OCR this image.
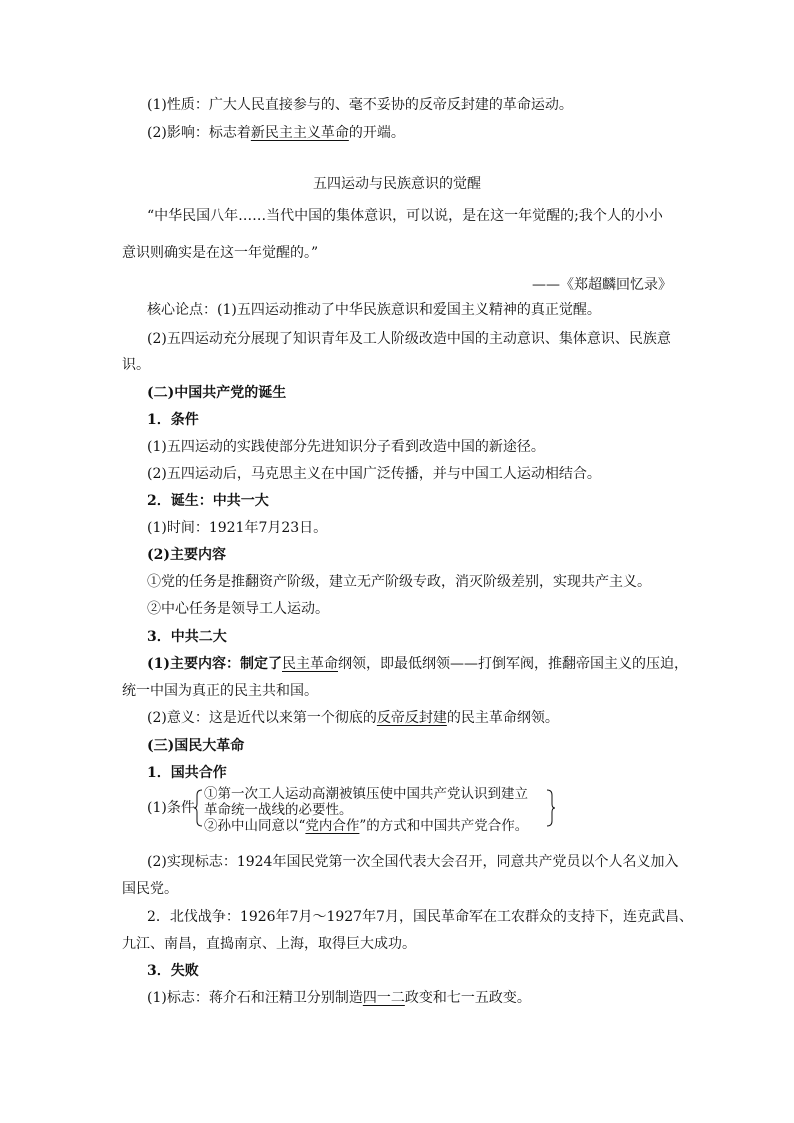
(1)性质：广大人民直接参与的、毫不妥协的反帝反封建的革命运动。
(2)影响：标志着新民主主义革命的开端。
五四运动与民族意识的觉醒
“中华民国八年……当代中国的集体意识，可以说，是在这一年觉醒的;我个人的小小
意识则确实是在这一年觉醒的。”
——《郑超麟回忆录》
核心论点：(1)五四运动推动了中华民族意识和爱国主义精神的真正觉醒。
(2)五四运动充分展现了知识青年及工人阶级改造中国的主动意识、集体意识、民族意
识。
(二)中国共产党的诞生
1．条件
(1)五四运动的实践使部分先进知识分子看到改造中国的新途径。
(2)五四运动后，马克思主义在中国广泛传播，并与中国工人运动相结合。
2．诞生：中共一大
(1)时间：1921年7月23日。
(2)主要内容
①党的任务是推翻资产阶级，建立无产阶级专政，消灭阶级差别，实现共产主义。
②中心任务是领导工人运动。
3．中共二大
(1)主要内容：制定了民主革命纲领，即最低纲领——打倒军阀，推翻帝国主义的压迫，
统一中国为真正的民主共和国。
(2)意义：这是近代以来第一个彻底的反帝反封建的民主革命纲领。
(三)国民大革命
1．国共合作
(1)条件
①第一次工人运动高潮被镇压使中国共产党认识到建立
革命统一战线的必要性。
②孙中山同意以“党内合作”的方式和中国共产党合作。
(2)实现标志：1924年国民党第一次全国代表大会召开，同意共产党员以个人名义加入
国民党。
2．北伐战争：1926年7月～1927年7月，国民革命军在工农群众的支持下，连克武昌、
九江、南昌，直捣南京、上海，取得巨大成功。
3．失败
(1)标志：蒋介石和汪精卫分别制造四一二政变和七一五政变。
